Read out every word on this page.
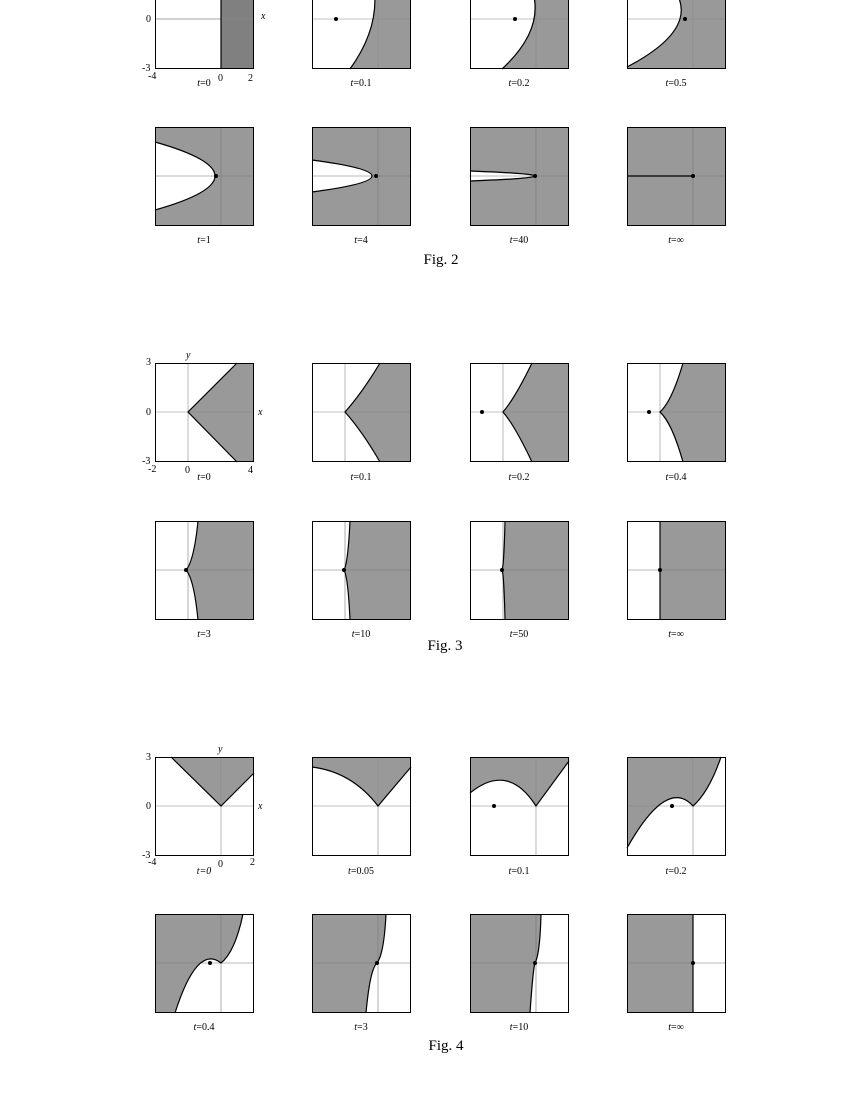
0
-3
-4	0	2
x
t=0	t=0.1	t=0.2	t=0.5
t=1	t=4	t=40	t=∞
Fig. 2
y
3
0
-3
-2	0	4
x
t=0	t=0.1	t=0.2	t=0.4
t=3	t=10	t=50	t=∞
Fig. 3
y
3
0
-3
-4	0	2
x
t=0	t=0.05	t=0.1	t=0.2
t=0.4	t=3	t=10	t=∞
Fig. 4
